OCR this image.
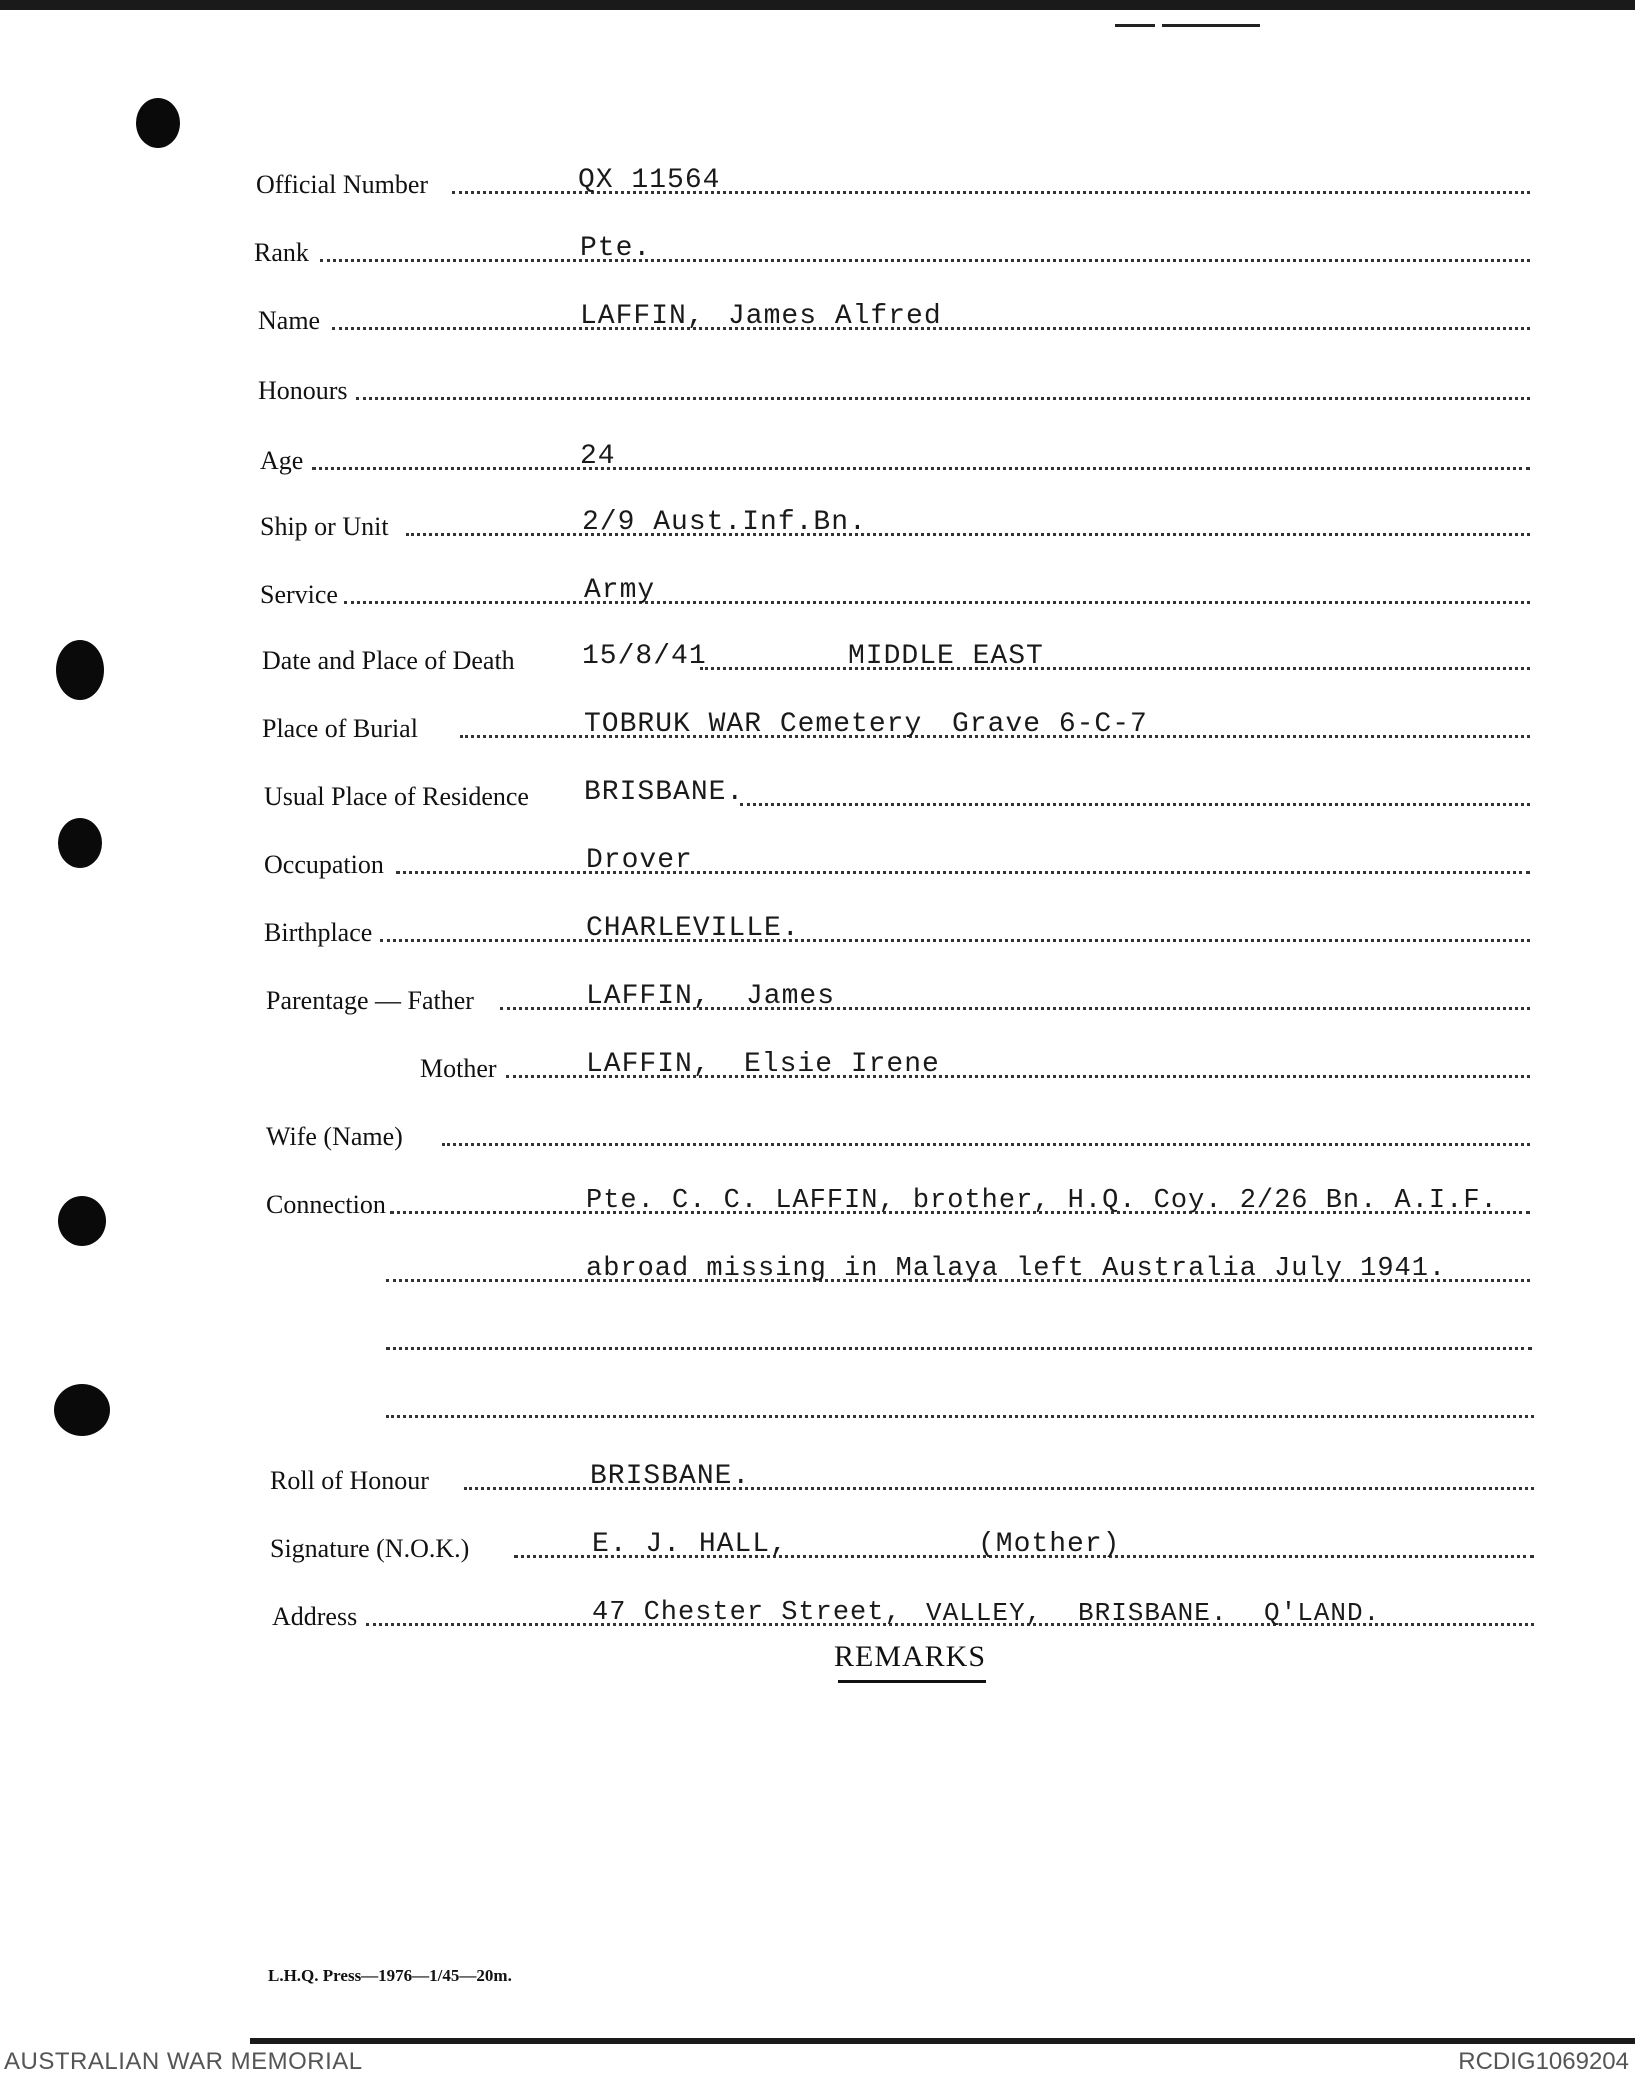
Official Number	QX 11564
Rank	Pte.
Name	LAFFIN, James Alfred
Honours
Age	24
Ship or Unit	2/9 Aust.Inf.Bn.
Service	Army
Date and Place of Death 15/8/41	MIDDLE EAST
Place of Burial	TOBRUK WAR Cemetery Grave 6-C-7
Usual Place of Residence BRISBANE.
Occupation	Drover
Birthplace	CHARLEVILLE.
Parentage — Father	LAFFIN, James
Mother	LAFFIN, Elsie Irene
Wife (Name)
Connection	Pte. C. C. LAFFIN, brother, H.Q. Coy. 2/26 Bn. A.I.F.
abroad missing in Malaya left Australia July 1941.
Roll of Honour	BRISBANE.
Signature (N.O.K.)	E. J. HALL,	(Mother)
Address	47 Chester Street, VALLEY, BRISBANE. Q'LAND.
REMARKS
L.H.Q. Press—1976—1/45—20m.
AUSTRALIAN WAR MEMORIAL	RCDIG1069204
